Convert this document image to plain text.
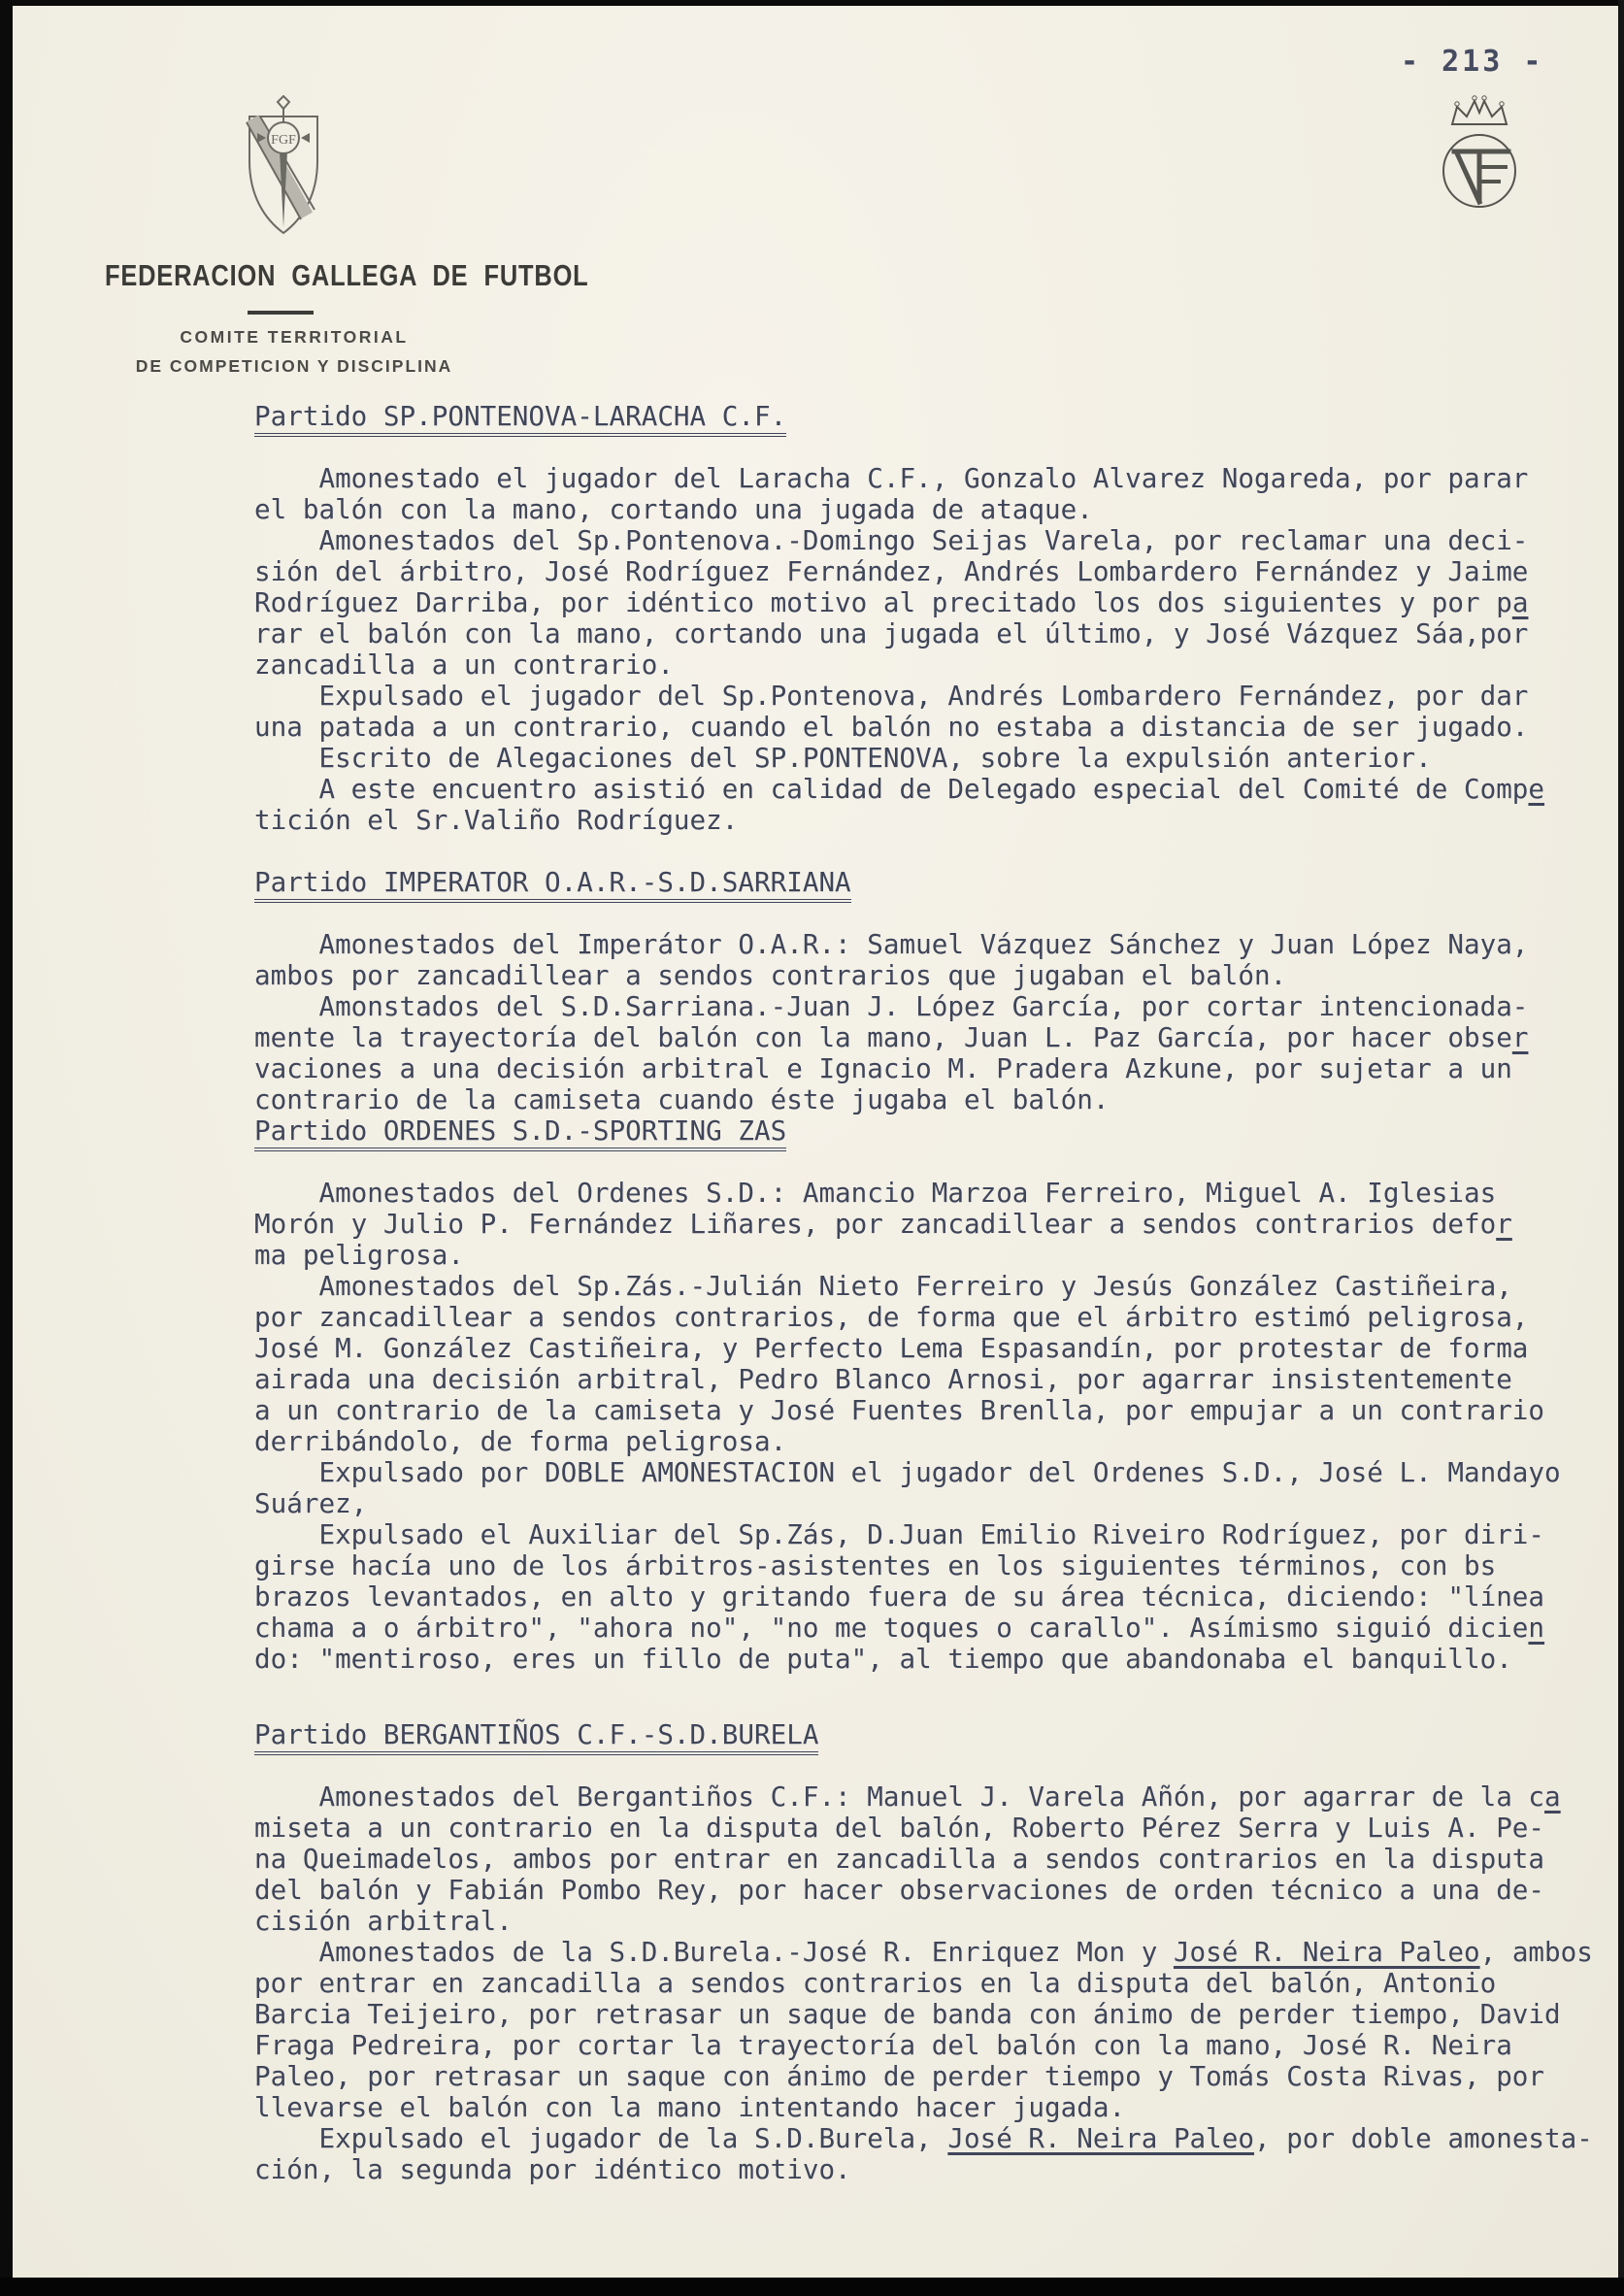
- 213 -
FGF
FEDERACION GALLEGA DE FUTBOL
COMITE TERRITORIAL
DE COMPETICION Y DISCIPLINA
Partido SP.PONTENOVA-LARACHA C.F.
Amonestado el jugador del Laracha C.F., Gonzalo Alvarez Nogareda, por parar
el balón con la mano, cortando una jugada de ataque.
Amonestados del Sp.Pontenova.-Domingo Seijas Varela, por reclamar una deci-
sión del árbitro, José Rodríguez Fernández, Andrés Lombardero Fernández y Jaime
Rodríguez Darriba, por idéntico motivo al precitado los dos siguientes y por pa
rar el balón con la mano, cortando una jugada el último, y José Vázquez Sáa,por
zancadilla a un contrario.
Expulsado el jugador del Sp.Pontenova, Andrés Lombardero Fernández, por dar
una patada a un contrario, cuando el balón no estaba a distancia de ser jugado.
Escrito de Alegaciones del SP.PONTENOVA, sobre la expulsión anterior.
A este encuentro asistió en calidad de Delegado especial del Comité de Compe
tición el Sr.Valiño Rodríguez.
Partido IMPERATOR O.A.R.-S.D.SARRIANA
Amonestados del Imperátor O.A.R.: Samuel Vázquez Sánchez y Juan López Naya,
ambos por zancadillear a sendos contrarios que jugaban el balón.
Amonstados del S.D.Sarriana.-Juan J. López García, por cortar intencionada-
mente la trayectoría del balón con la mano, Juan L. Paz García, por hacer obser
vaciones a una decisión arbitral e Ignacio M. Pradera Azkune, por sujetar a un
contrario de la camiseta cuando éste jugaba el balón.
Partido ORDENES S.D.-SPORTING ZAS
Amonestados del Ordenes S.D.: Amancio Marzoa Ferreiro, Miguel A. Iglesias
Morón y Julio P. Fernández Liñares, por zancadillear a sendos contrarios defor
ma peligrosa.
Amonestados del Sp.Zás.-Julián Nieto Ferreiro y Jesús González Castiñeira,
por zancadillear a sendos contrarios, de forma que el árbitro estimó peligrosa,
José M. González Castiñeira, y Perfecto Lema Espasandín, por protestar de forma
airada una decisión arbitral, Pedro Blanco Arnosi, por agarrar insistentemente
a un contrario de la camiseta y José Fuentes Brenlla, por empujar a un contrario
derribándolo, de forma peligrosa.
Expulsado por DOBLE AMONESTACION el jugador del Ordenes S.D., José L. Mandayo
Suárez,
Expulsado el Auxiliar del Sp.Zás, D.Juan Emilio Riveiro Rodríguez, por diri-
girse hacía uno de los árbitros-asistentes en los siguientes términos, con bs
brazos levantados, en alto y gritando fuera de su área técnica, diciendo: "línea
chama a o árbitro", "ahora no", "no me toques o carallo". Asímismo siguió dicien
do: "mentiroso, eres un fillo de puta", al tiempo que abandonaba el banquillo.
Partido BERGANTIÑOS C.F.-S.D.BURELA
Amonestados del Bergantiños C.F.: Manuel J. Varela Añón, por agarrar de la ca
miseta a un contrario en la disputa del balón, Roberto Pérez Serra y Luis A. Pe-
na Queimadelos, ambos por entrar en zancadilla a sendos contrarios en la disputa
del balón y Fabián Pombo Rey, por hacer observaciones de orden técnico a una de-
cisión arbitral.
Amonestados de la S.D.Burela.-José R. Enriquez Mon y José R. Neira Paleo, ambos
por entrar en zancadilla a sendos contrarios en la disputa del balón, Antonio
Barcia Teijeiro, por retrasar un saque de banda con ánimo de perder tiempo, David
Fraga Pedreira, por cortar la trayectoría del balón con la mano, José R. Neira
Paleo, por retrasar un saque con ánimo de perder tiempo y Tomás Costa Rivas, por
llevarse el balón con la mano intentando hacer jugada.
Expulsado el jugador de la S.D.Burela, José R. Neira Paleo, por doble amonesta-
ción, la segunda por idéntico motivo.
